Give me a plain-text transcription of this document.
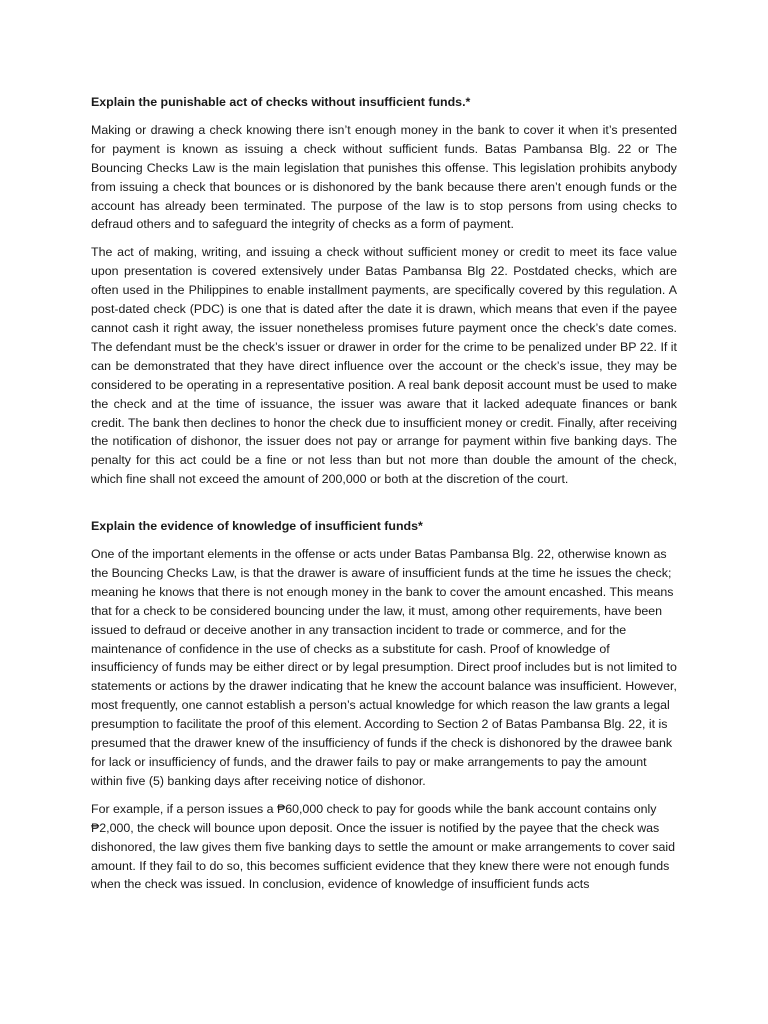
Explain the punishable act of checks without insufficient funds.*
Making or drawing a check knowing there isn’t enough money in the bank to cover it when it’s presented for payment is known as issuing a check without sufficient funds. Batas Pambansa Blg. 22 or The Bouncing Checks Law is the main legislation that punishes this offense. This legislation prohibits anybody from issuing a check that bounces or is dishonored by the bank because there aren’t enough funds or the account has already been terminated. The purpose of the law is to stop persons from using checks to defraud others and to safeguard the integrity of checks as a form of payment.
The act of making, writing, and issuing a check without sufficient money or credit to meet its face value upon presentation is covered extensively under Batas Pambansa Blg 22. Postdated checks, which are often used in the Philippines to enable installment payments, are specifically covered by this regulation. A post-dated check (PDC) is one that is dated after the date it is drawn, which means that even if the payee cannot cash it right away, the issuer nonetheless promises future payment once the check’s date comes. The defendant must be the check’s issuer or drawer in order for the crime to be penalized under BP 22. If it can be demonstrated that they have direct influence over the account or the check’s issue, they may be considered to be operating in a representative position. A real bank deposit account must be used to make the check and at the time of issuance, the issuer was aware that it lacked adequate finances or bank credit. The bank then declines to honor the check due to insufficient money or credit. Finally, after receiving the notification of dishonor, the issuer does not pay or arrange for payment within five banking days. The penalty for this act could be a fine or not less than but not more than double the amount of the check, which fine shall not exceed the amount of 200,000 or both at the discretion of the court.
Explain the evidence of knowledge of insufficient funds*
One of the important elements in the offense or acts under Batas Pambansa Blg. 22, otherwise known as the Bouncing Checks Law, is that the drawer is aware of insufficient funds at the time he issues the check; meaning he knows that there is not enough money in the bank to cover the amount encashed. This means that for a check to be considered bouncing under the law, it must, among other requirements, have been issued to defraud or deceive another in any transaction incident to trade or commerce, and for the maintenance of confidence in the use of checks as a substitute for cash. Proof of knowledge of insufficiency of funds may be either direct or by legal presumption. Direct proof includes but is not limited to statements or actions by the drawer indicating that he knew the account balance was insufficient. However, most frequently, one cannot establish a person’s actual knowledge for which reason the law grants a legal presumption to facilitate the proof of this element. According to Section 2 of Batas Pambansa Blg. 22, it is presumed that the drawer knew of the insufficiency of funds if the check is dishonored by the drawee bank for lack or insufficiency of funds, and the drawer fails to pay or make arrangements to pay the amount within five (5) banking days after receiving notice of dishonor.
For example, if a person issues a ₱60,000 check to pay for goods while the bank account contains only ₱2,000, the check will bounce upon deposit. Once the issuer is notified by the payee that the check was dishonored, the law gives them five banking days to settle the amount or make arrangements to cover said amount. If they fail to do so, this becomes sufficient evidence that they knew there were not enough funds when the check was issued. In conclusion, evidence of knowledge of insufficient funds acts
